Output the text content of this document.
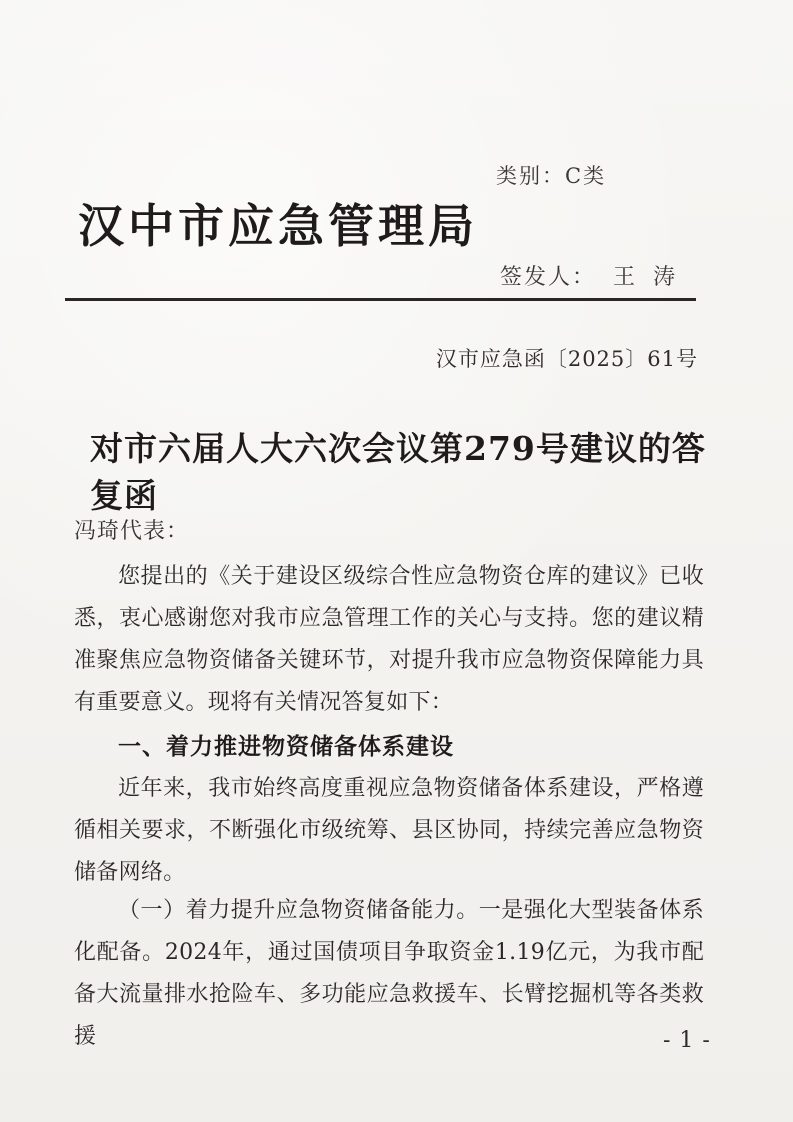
类别：C类
汉中市应急管理局
签发人： 王涛
汉市应急函〔2025〕61号
对市六届人大六次会议第279号建议的答复函
冯琦代表：
您提出的《关于建设区级综合性应急物资仓库的建议》已收悉，衷心感谢您对我市应急管理工作的关心与支持。您的建议精准聚焦应急物资储备关键环节，对提升我市应急物资保障能力具有重要意义。现将有关情况答复如下：
一、着力推进物资储备体系建设
近年来，我市始终高度重视应急物资储备体系建设，严格遵循相关要求，不断强化市级统筹、县区协同，持续完善应急物资储备网络。
（一）着力提升应急物资储备能力。一是强化大型装备体系化配备。2024年，通过国债项目争取资金1.19亿元，为我市配备大流量排水抢险车、多功能应急救援车、长臂挖掘机等各类救援	- 1 -
